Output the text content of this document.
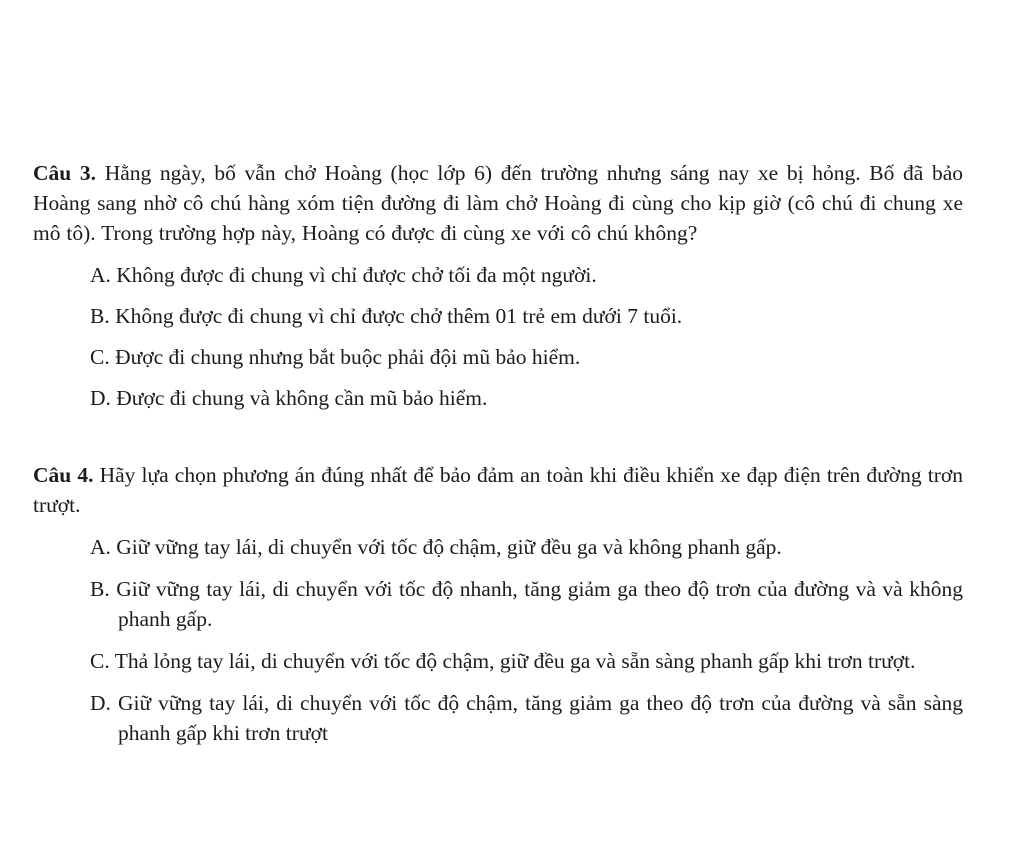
Câu 3. Hằng ngày, bố vẫn chở Hoàng (học lớp 6) đến trường nhưng sáng nay xe bị hỏng. Bố đã bảo Hoàng sang nhờ cô chú hàng xóm tiện đường đi làm chở Hoàng đi cùng cho kịp giờ (cô chú đi chung xe mô tô). Trong trường hợp này, Hoàng có được đi cùng xe với cô chú không?

A. Không được đi chung vì chỉ được chở tối đa một người.
B. Không được đi chung vì chỉ được chở thêm 01 trẻ em dưới 7 tuổi.
C. Được đi chung nhưng bắt buộc phải đội mũ bảo hiểm.
D. Được đi chung và không cần mũ bảo hiểm.

Câu 4. Hãy lựa chọn phương án đúng nhất để bảo đảm an toàn khi điều khiển xe đạp điện trên đường trơn trượt.

A. Giữ vững tay lái, di chuyển với tốc độ chậm, giữ đều ga và không phanh gấp.
B. Giữ vững tay lái, di chuyển với tốc độ nhanh, tăng giảm ga theo độ trơn của đường và và không phanh gấp.
C. Thả lỏng tay lái, di chuyển với tốc độ chậm, giữ đều ga và sẵn sàng phanh gấp khi trơn trượt.
D. Giữ vững tay lái, di chuyển với tốc độ chậm, tăng giảm ga theo độ trơn của đường và sẵn sàng phanh gấp khi trơn trượt
